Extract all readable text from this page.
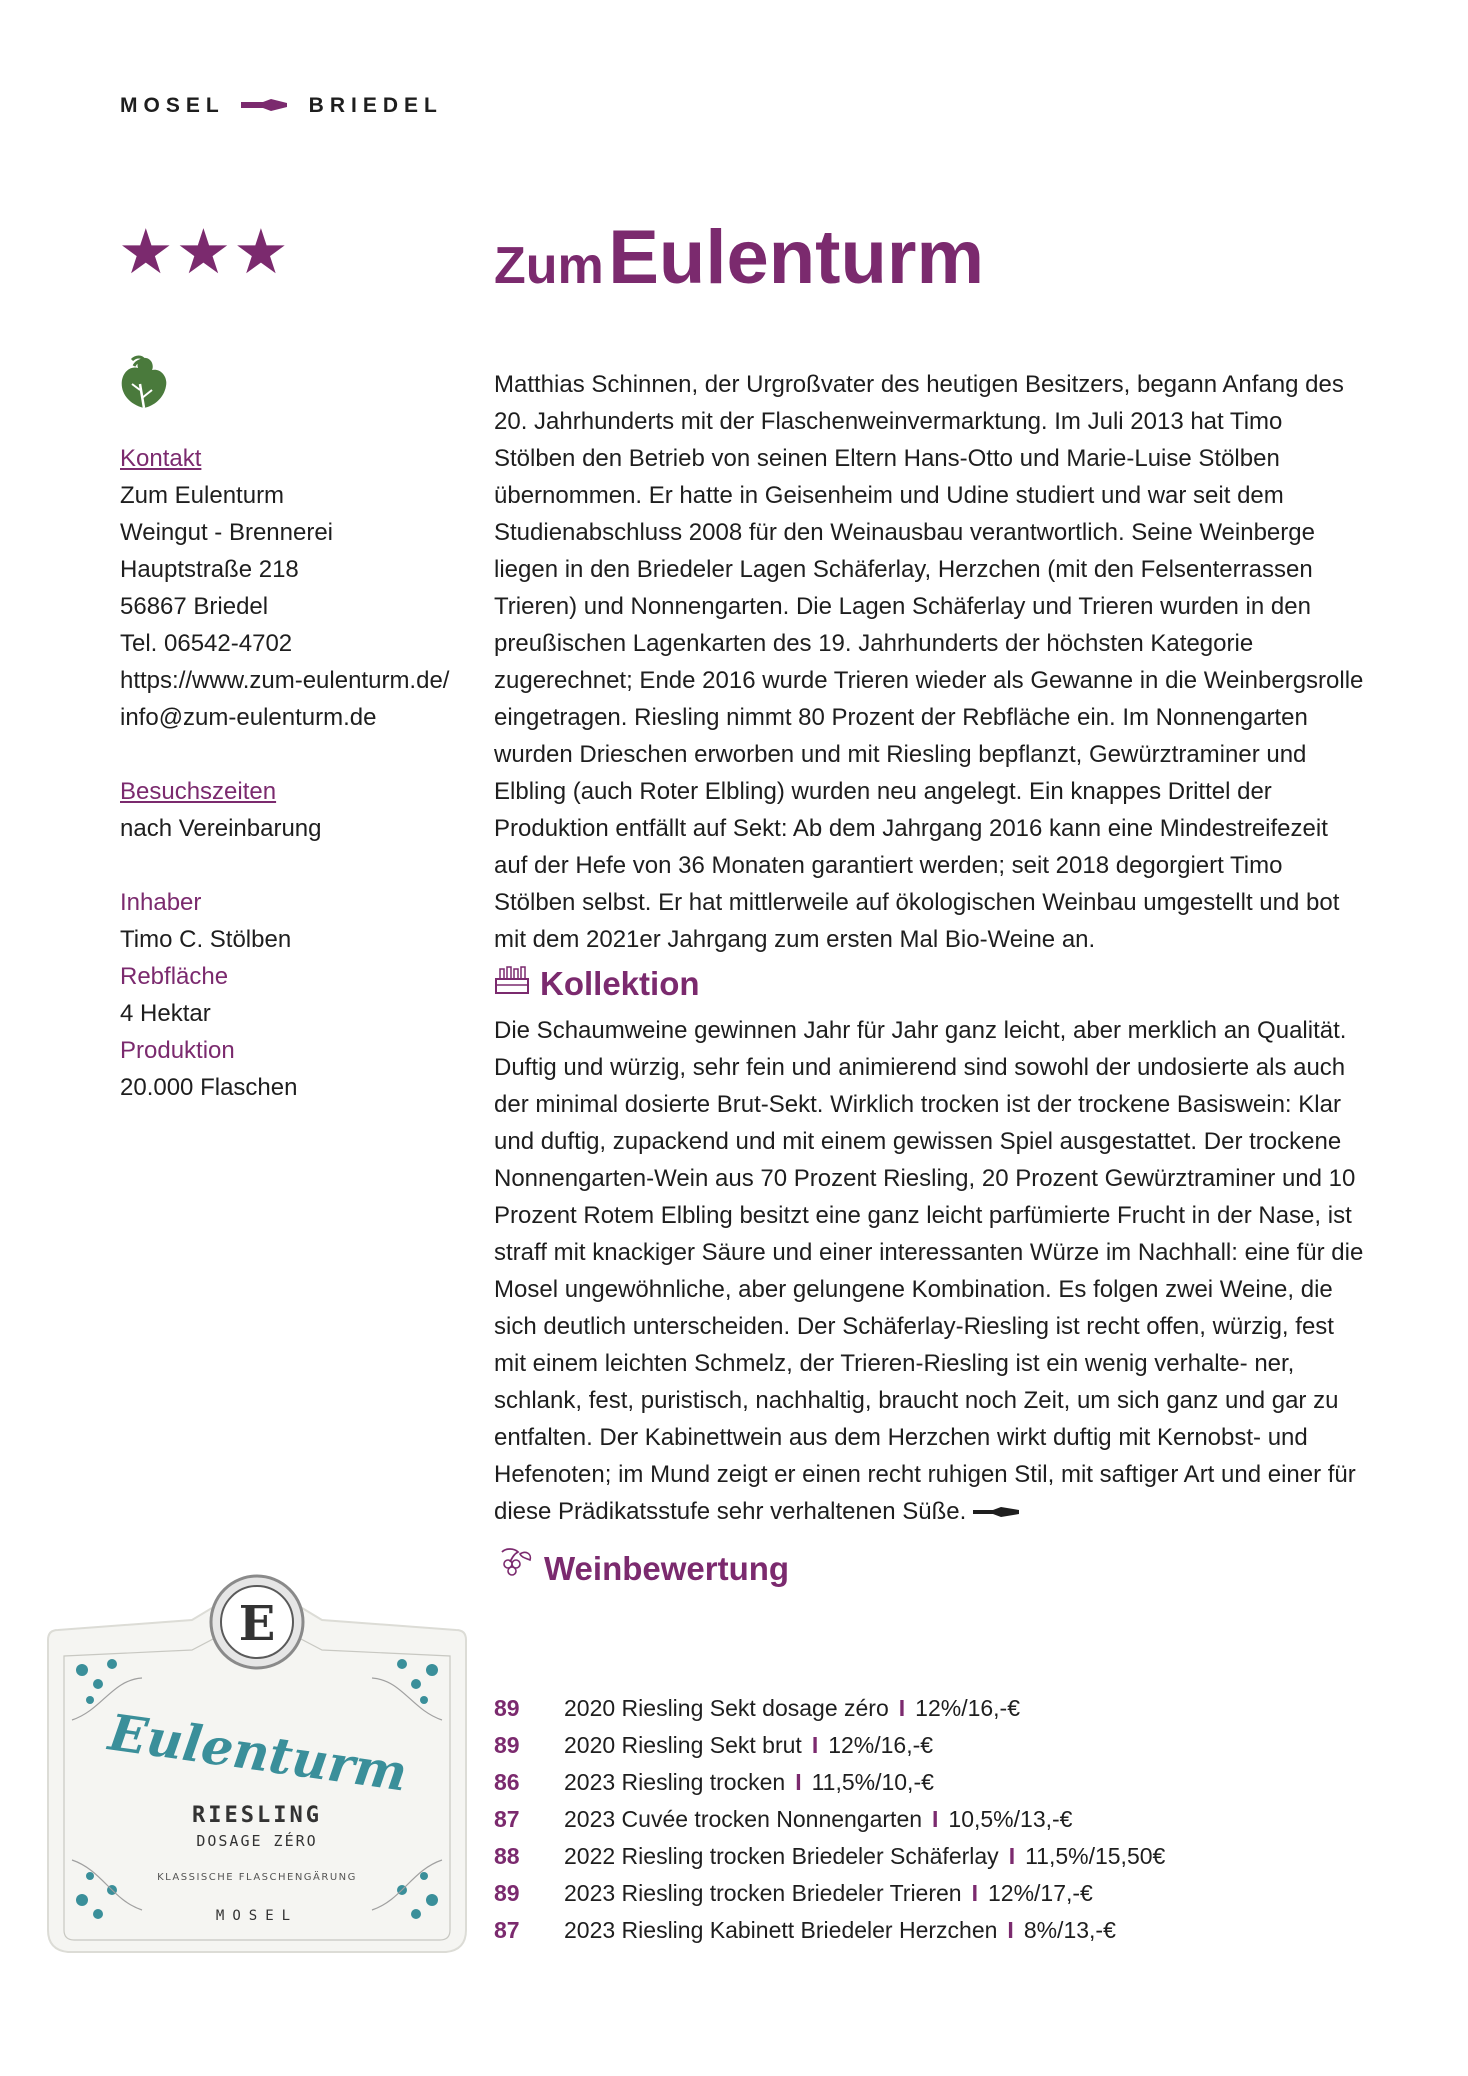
MOSEL	BRIEDEL
★★★	Zum Eulenturm
Kontakt
Zum Eulenturm
Weingut - Brennerei
Hauptstraße 218
56867 Briedel
Tel. 06542-4702
https://www.zum-eulenturm.de/
info@zum-eulenturm.de
Besuchszeiten
nach Vereinbarung
Inhaber
Timo C. Stölben
Rebfläche
4 Hektar
Produktion
20.000 Flaschen

Matthias Schinnen, der Urgroßvater des heutigen Besitzers, begann Anfang des 20. Jahrhunderts mit der Flaschenweinvermarktung. Im Juli 2013 hat Timo Stölben den Betrieb von seinen Eltern Hans-Otto und Marie-Luise Stölben übernommen. Er hatte in Geisenheim und Udine studiert und war seit dem Studienabschluss 2008 für den Weinausbau verantwortlich. Seine Weinberge liegen in den Briedeler Lagen Schäferlay, Herzchen (mit den Felsenterrassen Trieren) und Nonnengarten. Die Lagen Schäferlay und Trieren wurden in den preußischen Lagenkarten des 19. Jahrhunderts der höchsten Kategorie zugerechnet; Ende 2016 wurde Trieren wieder als Gewanne in die Weinbergsrolle eingetragen. Riesling nimmt 80 Prozent der Rebfläche ein. Im Nonnengarten wurden Drieschen erworben und mit Riesling bepflanzt, Gewürztraminer und Elbling (auch Roter Elbling) wurden neu angelegt. Ein knappes Drittel der Produktion entfällt auf Sekt: Ab dem Jahrgang 2016 kann eine Mindestreifezeit auf der Hefe von 36 Monaten garantiert werden; seit 2018 degorgiert Timo Stölben selbst. Er hat mittlerweile auf ökologischen Weinbau umgestellt und bot mit dem 2021er Jahrgang zum ersten Mal Bio-Weine an.

Kollektion

Die Schaumweine gewinnen Jahr für Jahr ganz leicht, aber merklich an Qualität. Duftig und würzig, sehr fein und animierend sind sowohl der undosierte als auch der minimal dosierte Brut-Sekt. Wirklich trocken ist der trockene Basiswein: Klar und duftig, zupackend und mit einem gewissen Spiel ausgestattet. Der trockene Nonnengarten-Wein aus 70 Prozent Riesling, 20 Prozent Gewürztraminer und 10 Prozent Rotem Elbling besitzt eine ganz leicht parfümierte Frucht in der Nase, ist straff mit knackiger Säure und einer interessanten Würze im Nachhall: eine für die Mosel ungewöhnliche, aber gelungene Kombination. Es folgen zwei Weine, die sich deutlich unterscheiden. Der Schäferlay-Riesling ist recht offen, würzig, fest mit einem leichten Schmelz, der Trieren-Riesling ist ein wenig verhalte- ner, schlank, fest, puristisch, nachhaltig, braucht noch Zeit, um sich ganz und gar zu entfalten. Der Kabinettwein aus dem Herzchen wirkt duftig mit Kernobst- und Hefenoten; im Mund zeigt er einen recht ruhigen Stil, mit saftiger Art und einer für diese Prädikatsstufe sehr verhaltenen Süße.

Weinbewertung
89	2020 Riesling Sekt dosage zéro I 12%/16,-€
89	2020 Riesling Sekt brut I 12%/16,-€
86	2023 Riesling trocken I 11,5%/10,-€
87	2023 Cuvée trocken Nonnengarten I 10,5%/13,-€
88	2022 Riesling trocken Briedeler Schäferlay I 11,5%/15,50€
89	2023 Riesling trocken Briedeler Trieren I 12%/17,-€
87	2023 Riesling Kabinett Briedeler Herzchen I 8%/13,-€
E
Eulenturm
RIESLING
DOSAGE ZÉRO
KLASSISCHE FLASCHENGÄRUNG
MOSEL
